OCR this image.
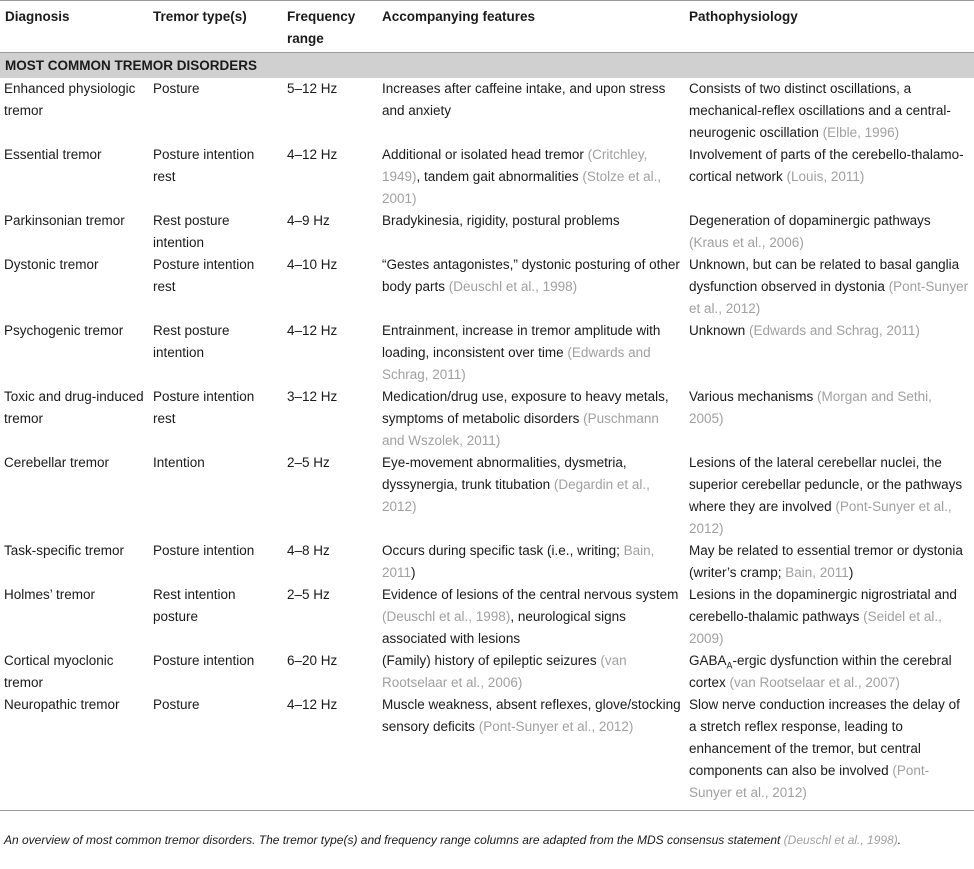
Diagnosis	Tremor type(s)	Frequency range	Accompanying features	Pathophysiology
MOST COMMON TREMOR DISORDERS				
Enhanced physiologic tremor	Posture	5–12 Hz	Increases after caffeine intake, and upon stress and anxiety	Consists of two distinct oscillations, a mechanical-reflex oscillations and a central-neurogenic oscillation (Elble, 1996)
Essential tremor	Posture intention rest	4–12 Hz	Additional or isolated head tremor (Critchley, 1949), tandem gait abnormalities (Stolze et al., 2001)	Involvement of parts of the cerebello-thalamo-cortical network (Louis, 2011)
Parkinsonian tremor	Rest posture intention	4–9 Hz	Bradykinesia, rigidity, postural problems	Degeneration of dopaminergic pathways (Kraus et al., 2006)
Dystonic tremor	Posture intention rest	4–10 Hz	“Gestes antagonistes,” dystonic posturing of other body parts (Deuschl et al., 1998)	Unknown, but can be related to basal ganglia dysfunction observed in dystonia (Pont-Sunyer et al., 2012)
Psychogenic tremor	Rest posture intention	4–12 Hz	Entrainment, increase in tremor amplitude with loading, inconsistent over time (Edwards and Schrag, 2011)	Unknown (Edwards and Schrag, 2011)
Toxic and drug-induced tremor	Posture intention rest	3–12 Hz	Medication/drug use, exposure to heavy metals, symptoms of metabolic disorders (Puschmann and Wszolek, 2011)	Various mechanisms (Morgan and Sethi, 2005)
Cerebellar tremor	Intention	2–5 Hz	Eye-movement abnormalities, dysmetria, dyssynergia, trunk titubation (Degardin et al., 2012)	Lesions of the lateral cerebellar nuclei, the superior cerebellar peduncle, or the pathways where they are involved (Pont-Sunyer et al., 2012)
Task-specific tremor	Posture intention	4–8 Hz	Occurs during specific task (i.e., writing; Bain, 2011)	May be related to essential tremor or dystonia (writer’s cramp; Bain, 2011)
Holmes’ tremor	Rest intention posture	2–5 Hz	Evidence of lesions of the central nervous system (Deuschl et al., 1998), neurological signs associated with lesions	Lesions in the dopaminergic nigrostriatal and cerebello-thalamic pathways (Seidel et al., 2009)
Cortical myoclonic tremor	Posture intention	6–20 Hz	(Family) history of epileptic seizures (van Rootselaar et al., 2006)	$GABA_A$-ergic dysfunction within the cerebral cortex (van Rootselaar et al., 2007)
Neuropathic tremor	Posture	4–12 Hz	Muscle weakness, absent reflexes, glove/stocking sensory deficits (Pont-Sunyer et al., 2012)	Slow nerve conduction increases the delay of a stretch reflex response, leading to enhancement of the tremor, but central components can also be involved (Pont-Sunyer et al., 2012)
An overview of most common tremor disorders. The tremor type(s) and frequency range columns are adapted from the MDS consensus statement (Deuschl et al., 1998).
